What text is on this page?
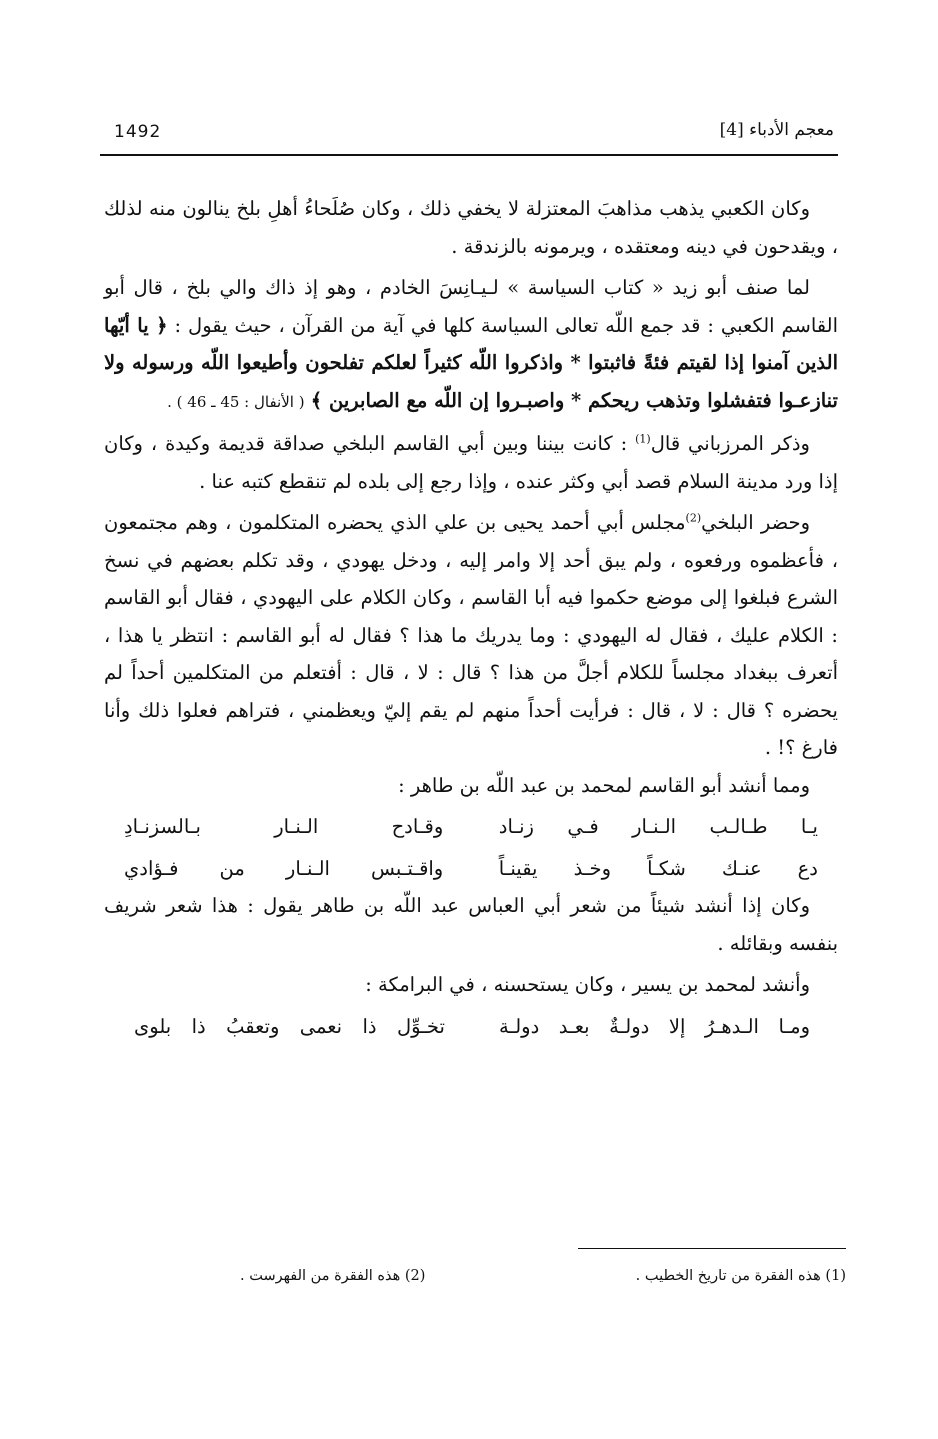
1492	معجم الأدباء [4]

وكان الكعبي يذهب مذاهبَ المعتزلة لا يخفي ذلك ، وكان صُلَحاءُ أهلِ بلخ ينالون منه لذلك ، ويقدحون في دينه ومعتقده ، ويرمونه بالزندقة .

لما صنف أبو زيد « كتاب السياسة » لـيـانِسَ الخادم ، وهو إذ ذاك والي بلخ ، قال أبو القاسم الكعبي : قد جمع اللّه تعالى السياسة كلها في آية من القرآن ، حيث يقول : ﴿ يا أيّها الذين آمنوا إذا لقيتم فئةً فاثبتوا * واذكروا اللّه كثيراً لعلكم تفلحون وأطيعوا اللّه ورسوله ولا تنازعـوا فتفشلوا وتذهب ريحكم * واصبـروا إن اللّه مع الصابرين ﴾ ( الأنفال : 45 ـ 46 ) .

وذكر المرزباني قال$^{(1)}$ : كانت بيننا وبين أبي القاسم البلخي صداقة قديمة وكيدة ، وكان إذا ورد مدينة السلام قصد أبي وكثر عنده ، وإذا رجع إلى بلده لم تنقطع كتبه عنا .

وحضر البلخي$^{(2)}$مجلس أبي أحمد يحيى بن علي الذي يحضره المتكلمون ، وهم مجتمعون ، فأعظموه ورفعوه ، ولم يبق أحد إلا وامر إليه ، ودخل يهودي ، وقد تكلم بعضهم في نسخ الشرع فبلغوا إلى موضع حكموا فيه أبا القاسم ، وكان الكلام على اليهودي ، فقال أبو القاسم : الكلام عليك ، فقال له اليهودي : وما يدريك ما هذا ؟ فقال له أبو القاسم : انتظر يا هذا ، أتعرف ببغداد مجلساً للكلام أجلَّ من هذا ؟ قال : لا ، قال : أفتعلم من المتكلمين أحداً لم يحضره ؟ قال : لا ، قال : فرأيت أحداً منهم لم يقم إليّ ويعظمني ، فتراهم فعلوا ذلك وأنا فارغ ؟! .

ومما أنشد أبو القاسم لمحمد بن عبد اللّه بن طاهر :

يـا طـالـب الـنـار فـي زنـاد
وقـادح الـنـار بـالسزنـادِ
دع عنـك شكـاً وخـذ يقينـاً
واقـتـبس الـنـار من فـؤادي

وكان إذا أنشد شيئاً من شعر أبي العباس عبد اللّه بن طاهر يقول : هذا شعر شريف بنفسه وبقائله .

وأنشد لمحمد بن يسير ، وكان يستحسنه ، في البرامكة :

ومـا الـدهـرُ إلا دولـةٌ بعـد دولـة
تخـوِّل ذا نعمى وتعقبُ ذا بلوى
(1) هذه الفقرة من تاريخ الخطيب .
(2) هذه الفقرة من الفهرست .
